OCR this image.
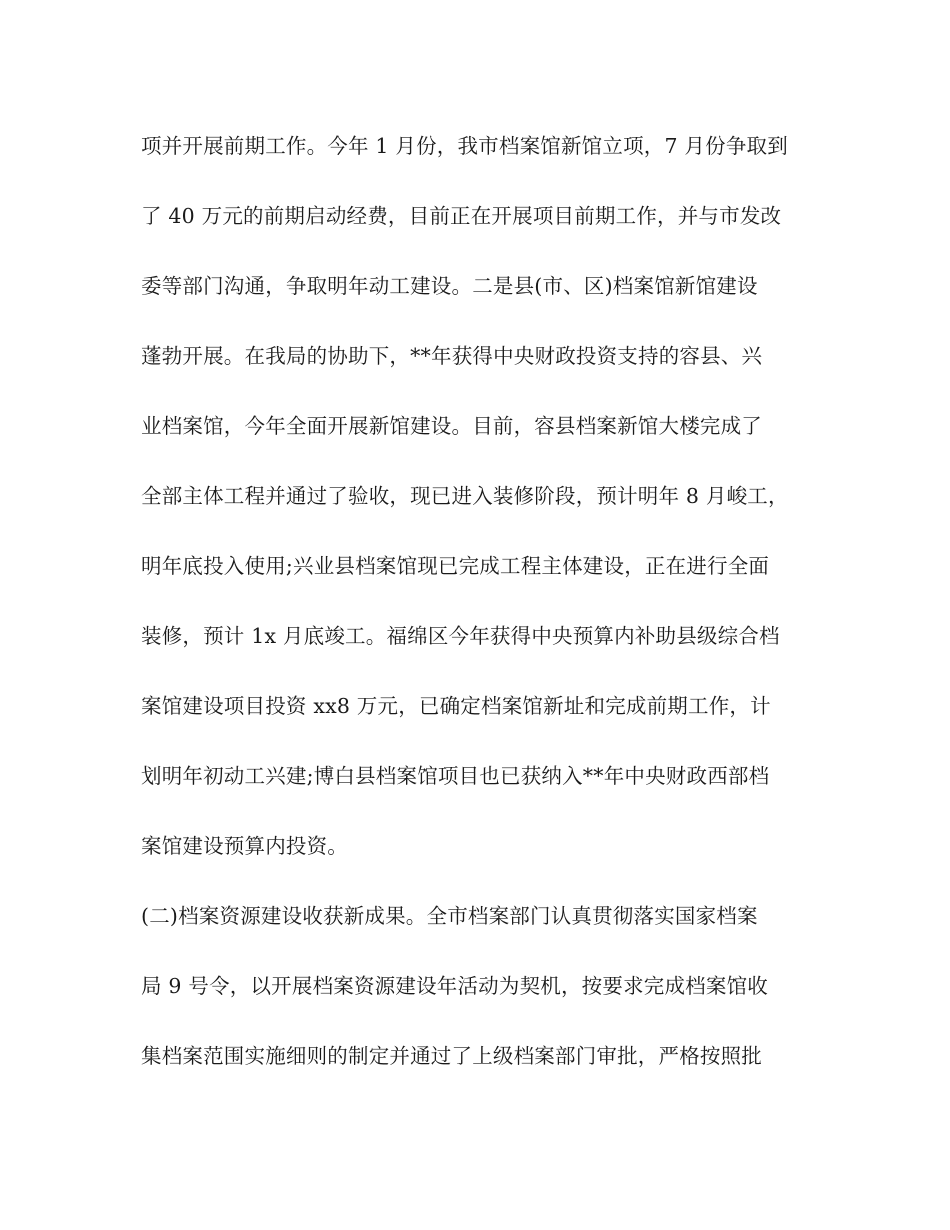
项并开展前期工作。今年 1 月份，我市档案馆新馆立项，7 月份争取到
了 40 万元的前期启动经费，目前正在开展项目前期工作，并与市发改
委等部门沟通，争取明年动工建设。二是县(市、区)档案馆新馆建设
蓬勃开展。在我局的协助下，**年获得中央财政投资支持的容县、兴
业档案馆，今年全面开展新馆建设。目前，容县档案新馆大楼完成了
全部主体工程并通过了验收，现已进入装修阶段，预计明年 8 月峻工，
明年底投入使用;兴业县档案馆现已完成工程主体建设，正在进行全面
装修，预计 1x 月底竣工。福绵区今年获得中央预算内补助县级综合档
案馆建设项目投资 xx8 万元，已确定档案馆新址和完成前期工作，计
划明年初动工兴建;博白县档案馆项目也已获纳入**年中央财政西部档
案馆建设预算内投资。
(二)档案资源建设收获新成果。全市档案部门认真贯彻落实国家档案
局 9 号令，以开展档案资源建设年活动为契机，按要求完成档案馆收
集档案范围实施细则的制定并通过了上级档案部门审批，严格按照批
